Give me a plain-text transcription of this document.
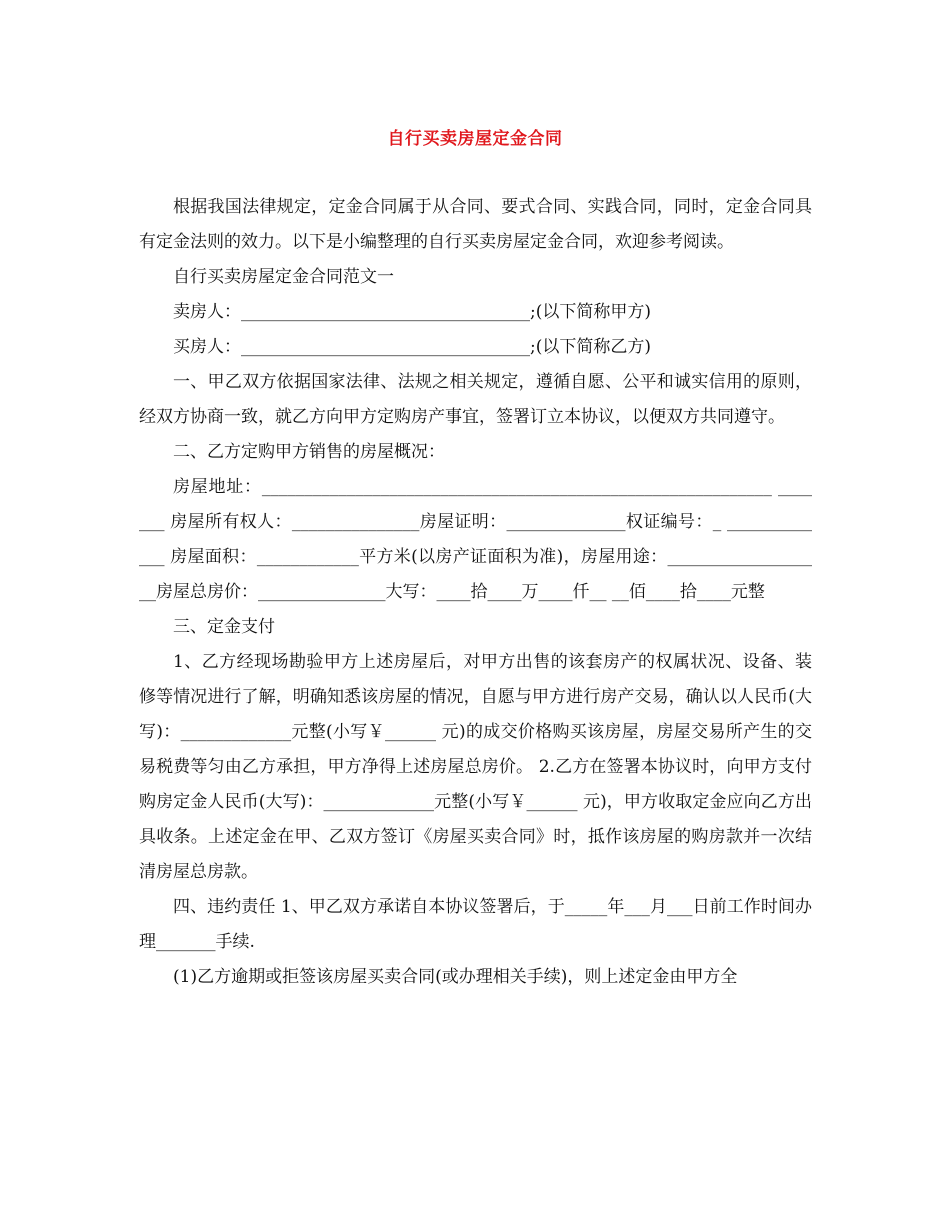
自行买卖房屋定金合同

根据我国法律规定，定金合同属于从合同、要式合同、实践合同，同时，定金合同具有定金法则的效力。以下是小编整理的自行买卖房屋定金合同，欢迎参考阅读。

自行买卖房屋定金合同范文一

卖房人：__________________________________;(以下简称甲方)

买房人：__________________________________;(以下简称乙方)

一、甲乙双方依据国家法律、法规之相关规定，遵循自愿、公平和诚实信用的原则，经双方协商一致，就乙方向甲方定购房产事宜，签署订立本协议，以便双方共同遵守。

二、乙方定购甲方销售的房屋概况：

房屋地址：____________________________________________________________ _______ 房屋所有权人：_______________房屋证明：______________权证编号：_ _____________ 房屋面积：____________平方米(以房产证面积为准)，房屋用途：___________________房屋总房价：_______________大写：____拾____万____仟__ __佰____拾____元整

三、定金支付

1、乙方经现场勘验甲方上述房屋后，对甲方出售的该套房产的权属状况、设备、装修等情况进行了解，明确知悉该房屋的情况，自愿与甲方进行房产交易，确认以人民币(大写)：_____________元整(小写￥______ 元)的成交价格购买该房屋，房屋交易所产生的交易税费等匀由乙方承担，甲方净得上述房屋总房价。 2.乙方在签署本协议时，向甲方支付购房定金人民币(大写)：_____________元整(小写￥______ 元)，甲方收取定金应向乙方出具收条。上述定金在甲、乙双方签订《房屋买卖合同》时，抵作该房屋的购房款并一次结清房屋总房款。

四、违约责任 1、甲乙双方承诺自本协议签署后，于_____年___月___日前工作时间办理_______手续.

(1)乙方逾期或拒签该房屋买卖合同(或办理相关手续)，则上述定金由甲方全
